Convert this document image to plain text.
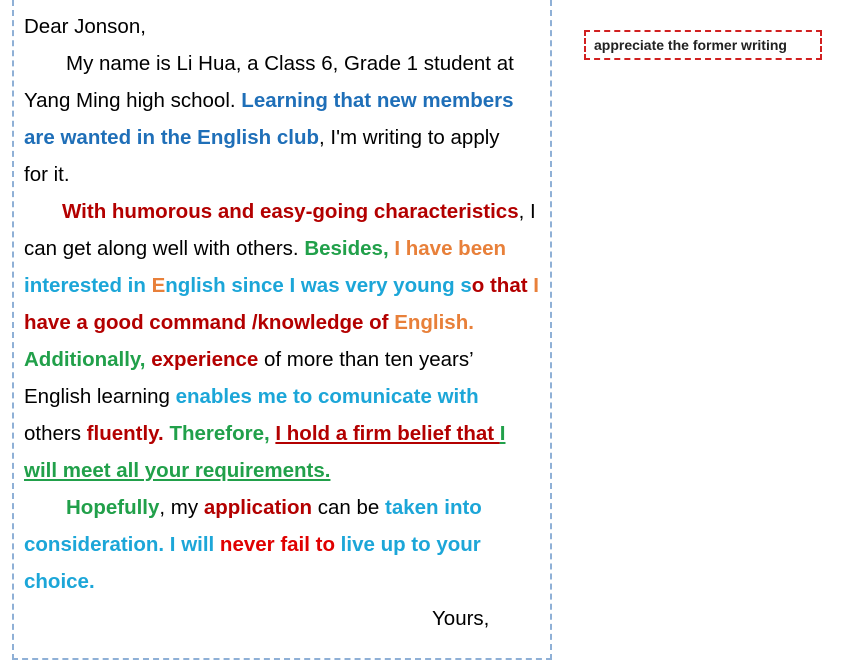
appreciate the former writing
Dear Jonson,
My name is Li Hua, a Class 6, Grade 1 student at
Yang Ming high school. Learning that new members
are wanted in the English club, I'm writing to apply
for it.
With humorous and easy-going characteristics, I
can get along well with others. Besides, I have been
interested in English since I was very young so that I
have a good command /knowledge of English.
Additionally, experience of more than ten years’
English learning enables me to comunicate with
others fluently. Therefore, I hold a firm belief that I
will meet all your requirements.
Hopefully, my application can be taken into
consideration. I will never fail to live up to your
choice.
Yours,
